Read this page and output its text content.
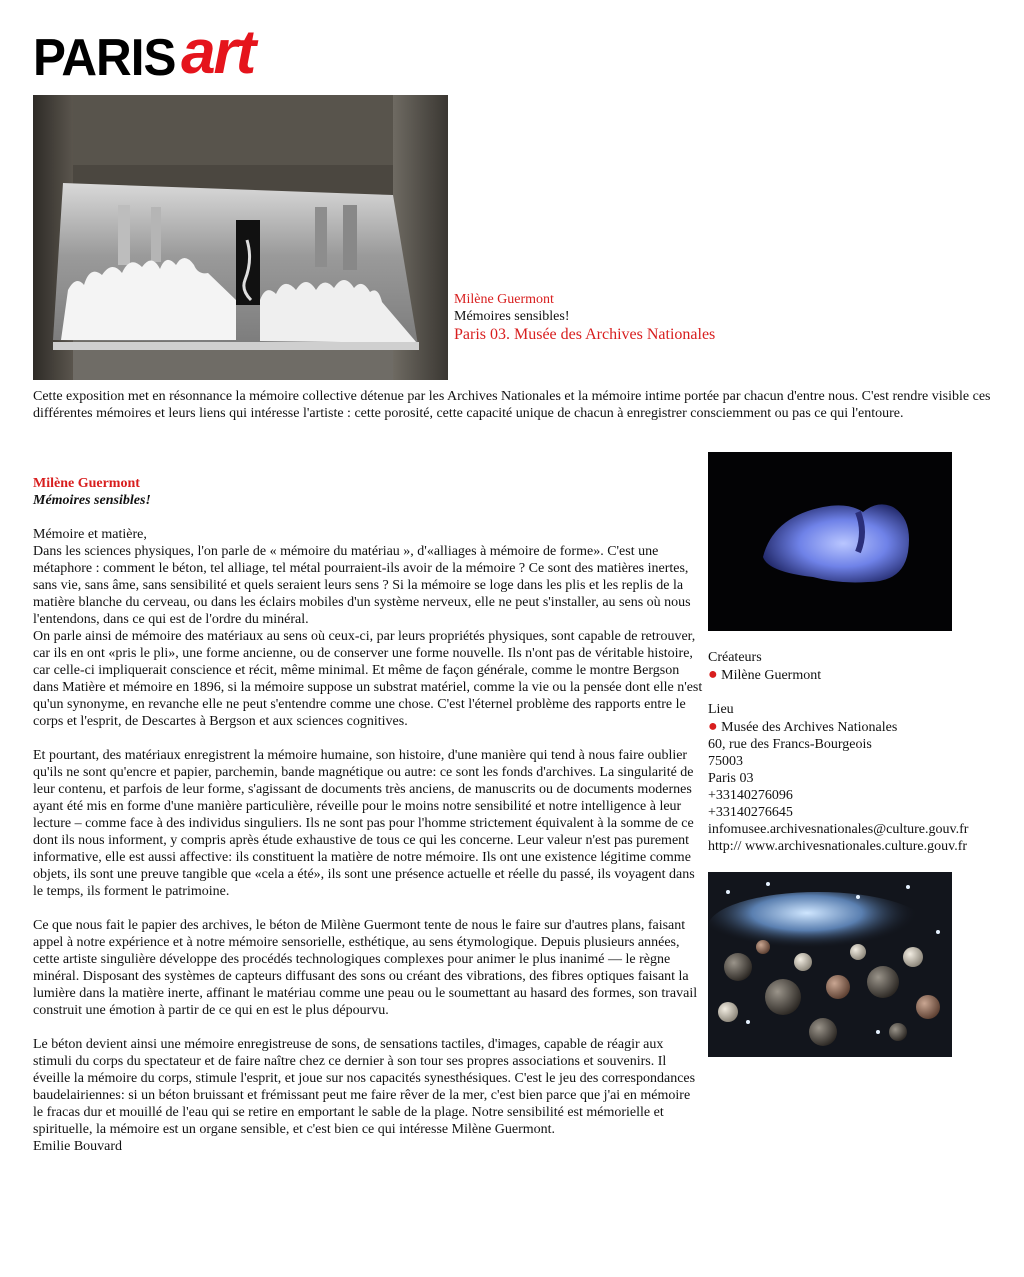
PARIS art
Milène Guermont
Mémoires sensibles!
Paris 03. Musée des Archives Nationales
Cette exposition met en résonnance la mémoire collective détenue par les Archives Nationales et la mémoire intime portée par chacun d'entre nous. C'est rendre visible ces différentes mémoires et leurs liens qui intéresse l'artiste : cette porosité, cette capacité unique de chacun à enregistrer consciemment ou pas ce qui l'entoure.
Milène Guermont
Mémoires sensibles!

Mémoire et matière,

Dans les sciences physiques, l'on parle de « mémoire du matériau », d'«alliages à mémoire de forme». C'est une métaphore : comment le béton, tel alliage, tel métal pourraient-ils avoir de la mémoire ? Ce sont des matières inertes, sans vie, sans âme, sans sensibilité et quels seraient leurs sens ? Si la mémoire se loge dans les plis et les replis de la matière blanche du cerveau, ou dans les éclairs mobiles d'un système nerveux, elle ne peut s'installer, au sens où nous l'entendons, dans ce qui est de l'ordre du minéral.

On parle ainsi de mémoire des matériaux au sens où ceux-ci, par leurs propriétés physiques, sont capable de retrouver, car ils en ont «pris le pli», une forme ancienne, ou de conserver une forme nouvelle. Ils n'ont pas de véritable histoire, car celle-ci impliquerait conscience et récit, même minimal. Et même de façon générale, comme le montre Bergson dans Matière et mémoire en 1896, si la mémoire suppose un substrat matériel, comme la vie ou la pensée dont elle n'est qu'un synonyme, en revanche elle ne peut s'entendre comme une chose. C'est l'éternel problème des rapports entre le corps et l'esprit, de Descartes à Bergson et aux sciences cognitives.

Et pourtant, des matériaux enregistrent la mémoire humaine, son histoire, d'une manière qui tend à nous faire oublier qu'ils ne sont qu'encre et papier, parchemin, bande magnétique ou autre: ce sont les fonds d'archives. La singularité de leur contenu, et parfois de leur forme, s'agissant de documents très anciens, de manuscrits ou de documents modernes ayant été mis en forme d'une manière particulière, réveille pour le moins notre sensibilité et notre intelligence à leur lecture – comme face à des individus singuliers. Ils ne sont pas pour l'homme strictement équivalent à la somme de ce dont ils nous informent, y compris après étude exhaustive de tous ce qui les concerne. Leur valeur n'est pas purement informative, elle est aussi affective: ils constituent la matière de notre mémoire. Ils ont une existence légitime comme objets, ils sont une preuve tangible que «cela a été», ils sont une présence actuelle et réelle du passé, ils voyagent dans le temps, ils forment le patrimoine.

Ce que nous fait le papier des archives, le béton de Milène Guermont tente de nous le faire sur d'autres plans, faisant appel à notre expérience et à notre mémoire sensorielle, esthétique, au sens étymologique. Depuis plusieurs années, cette artiste singulière développe des procédés technologiques complexes pour animer le plus inanimé — le règne minéral. Disposant des systèmes de capteurs diffusant des sons ou créant des vibrations, des fibres optiques faisant la lumière dans la matière inerte, affinant le matériau comme une peau ou le soumettant au hasard des formes, son travail construit une émotion à partir de ce qui en est le plus dépourvu.

Le béton devient ainsi une mémoire enregistreuse de sons, de sensations tactiles, d'images, capable de réagir aux stimuli du corps du spectateur et de faire naître chez ce dernier à son tour ses propres associations et souvenirs. Il éveille la mémoire du corps, stimule l'esprit, et joue sur nos capacités synesthésiques. C'est le jeu des correspondances baudelairiennes: si un béton bruissant et frémissant peut me faire rêver de la mer, c'est bien parce que j'ai en mémoire le fracas dur et mouillé de l'eau qui se retire en emportant le sable de la plage. Notre sensibilité est mémorielle et spirituelle, la mémoire est un organe sensible, et c'est bien ce qui intéresse Milène Guermont.

Emilie Bouvard

Créateurs
● Milène Guermont
Lieu
● Musée des Archives Nationales
60, rue des Francs-Bourgeois
75003
Paris 03
+33140276096
+33140276645
infomusee.archivesnationales@culture.gouv.fr
http:// www.archivesnationales.culture.gouv.fr
